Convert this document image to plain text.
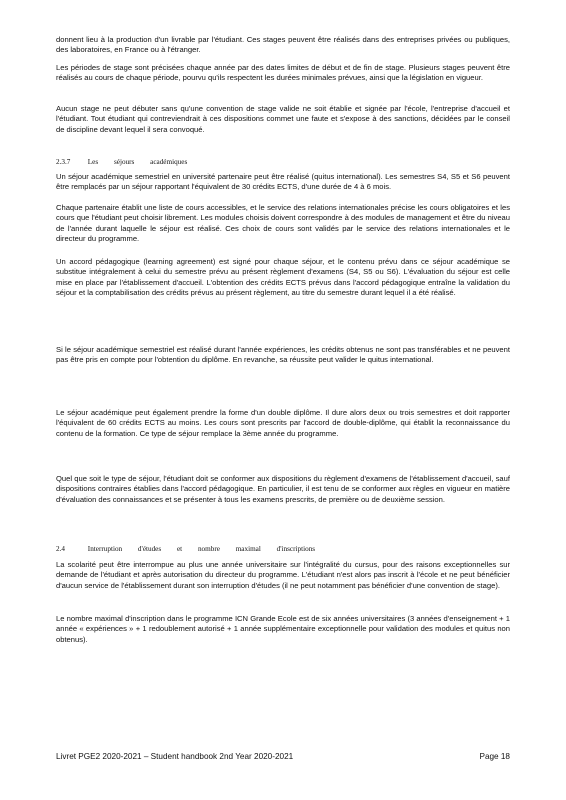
donnent lieu à la production d'un livrable par l'étudiant. Ces stages peuvent être réalisés dans des entreprises privées ou publiques, des laboratoires, en France ou à l'étranger.

Les périodes de stage sont précisées chaque année par des dates limites de début et de fin de stage. Plusieurs stages peuvent être réalisés au cours de chaque période, pourvu qu'ils respectent les durées minimales prévues, ainsi que la législation en vigueur.

Aucun stage ne peut débuter sans qu'une convention de stage valide ne soit établie et signée par l'école, l'entreprise d'accueil et l'étudiant. Tout étudiant qui contreviendrait à ces dispositions commet une faute et s'expose à des sanctions, décidées par le conseil de discipline devant lequel il sera convoqué.

2.3.7 Les séjours académiques

Un séjour académique semestriel en université partenaire peut être réalisé (quitus international). Les semestres S4, S5 et S6 peuvent être remplacés par un séjour rapportant l'équivalent de 30 crédits ECTS, d'une durée de 4 à 6 mois.

Chaque partenaire établit une liste de cours accessibles, et le service des relations internationales précise les cours obligatoires et les cours que l'étudiant peut choisir librement. Les modules choisis doivent correspondre à des modules de management et être du niveau de l'année durant laquelle le séjour est réalisé. Ces choix de cours sont validés par le service des relations internationales et le directeur du programme.

Un accord pédagogique (learning agreement) est signé pour chaque séjour, et le contenu prévu dans ce séjour académique se substitue intégralement à celui du semestre prévu au présent règlement d'examens (S4, S5 ou S6). L'évaluation du séjour est celle mise en place par l'établissement d'accueil. L'obtention des crédits ECTS prévus dans l'accord pédagogique entraîne la validation du séjour et la comptabilisation des crédits prévus au présent règlement, au titre du semestre durant lequel il a été réalisé.

Si le séjour académique semestriel est réalisé durant l'année expériences, les crédits obtenus ne sont pas transférables et ne peuvent pas être pris en compte pour l'obtention du diplôme. En revanche, sa réussite peut valider le quitus international.

Le séjour académique peut également prendre la forme d'un double diplôme. Il dure alors deux ou trois semestres et doit rapporter l'équivalent de 60 crédits ECTS au moins. Les cours sont prescrits par l'accord de double-diplôme, qui établit la reconnaissance du contenu de la formation. Ce type de séjour remplace la 3ème année du programme.

Quel que soit le type de séjour, l'étudiant doit se conformer aux dispositions du règlement d'examens de l'établissement d'accueil, sauf dispositions contraires établies dans l'accord pédagogique. En particulier, il est tenu de se conformer aux règles en vigueur en matière d'évaluation des connaissances et se présenter à tous les examens prescrits, de première ou de deuxième session.

2.4	Interruption d'études et nombre maximal d'inscriptions

La scolarité peut être interrompue au plus une année universitaire sur l'intégralité du cursus, pour des raisons exceptionnelles sur demande de l'étudiant et après autorisation du directeur du programme. L'étudiant n'est alors pas inscrit à l'école et ne peut bénéficier d'aucun service de l'établissement durant son interruption d'études (il ne peut notamment pas bénéficier d'une convention de stage).

Le nombre maximal d'inscription dans le programme ICN Grande Ecole est de six années universitaires (3 années d'enseignement + 1 année « expériences » + 1 redoublement autorisé + 1 année supplémentaire exceptionnelle pour validation des modules et quitus non obtenus).

Livret PGE2 2020-2021 – Student handbook 2nd Year 2020-2021	Page 18
